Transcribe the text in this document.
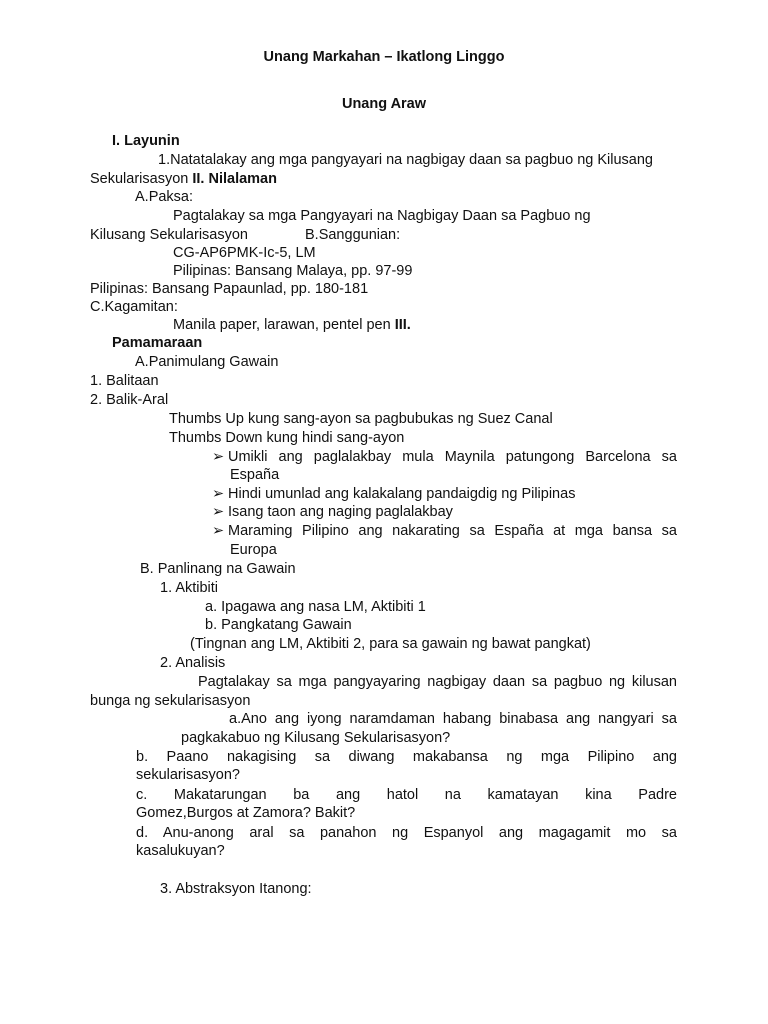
Unang Markahan – Ikatlong Linggo
Unang Araw
I. Layunin
1.Natatalakay ang mga pangyayari na nagbigay daan sa pagbuo ng Kilusang
Sekularisasyon II. Nilalaman
A.Paksa:
Pagtalakay sa mga Pangyayari na Nagbigay Daan sa Pagbuo ng
Kilusang Sekularisasyon	B.Sanggunian:
CG-AP6PMK-Ic-5, LM
Pilipinas: Bansang Malaya, pp. 97-99
Pilipinas: Bansang Papaunlad, pp. 180-181
C.Kagamitan:
Manila paper, larawan, pentel pen III.
Pamamaraan
A.Panimulang Gawain
1. Balitaan
2. Balik-Aral
Thumbs Up kung sang-ayon sa pagbubukas ng Suez Canal
Thumbs Down kung hindi sang-ayon
➢ Umikli ang paglalakbay mula Maynila patungong Barcelona sa
España
➢ Hindi umunlad ang kalakalang pandaigdig ng Pilipinas
➢ Isang taon ang naging paglalakbay
➢ Maraming Pilipino ang nakarating sa España at mga bansa sa
Europa
B. Panlinang na Gawain
1. Aktibiti
a. Ipagawa ang nasa LM, Aktibiti 1
b. Pangkatang Gawain
(Tingnan ang LM, Aktibiti 2, para sa gawain ng bawat pangkat)
2. Analisis
Pagtalakay sa mga pangyayaring nagbigay daan sa pagbuo ng kilusan
bunga ng sekularisasyon
a.Ano ang iyong naramdaman habang binabasa ang nangyari sa
pagkakabuo ng Kilusang Sekularisasyon?
b. Paano nakagising sa diwang makabansa ng mga Pilipino ang
sekularisasyon?
c. Makatarungan ba ang hatol na kamatayan kina Padre
Gomez,Burgos at Zamora? Bakit?
d. Anu-anong aral sa panahon ng Espanyol ang magagamit mo sa
kasalukuyan?
3. Abstraksyon Itanong:
